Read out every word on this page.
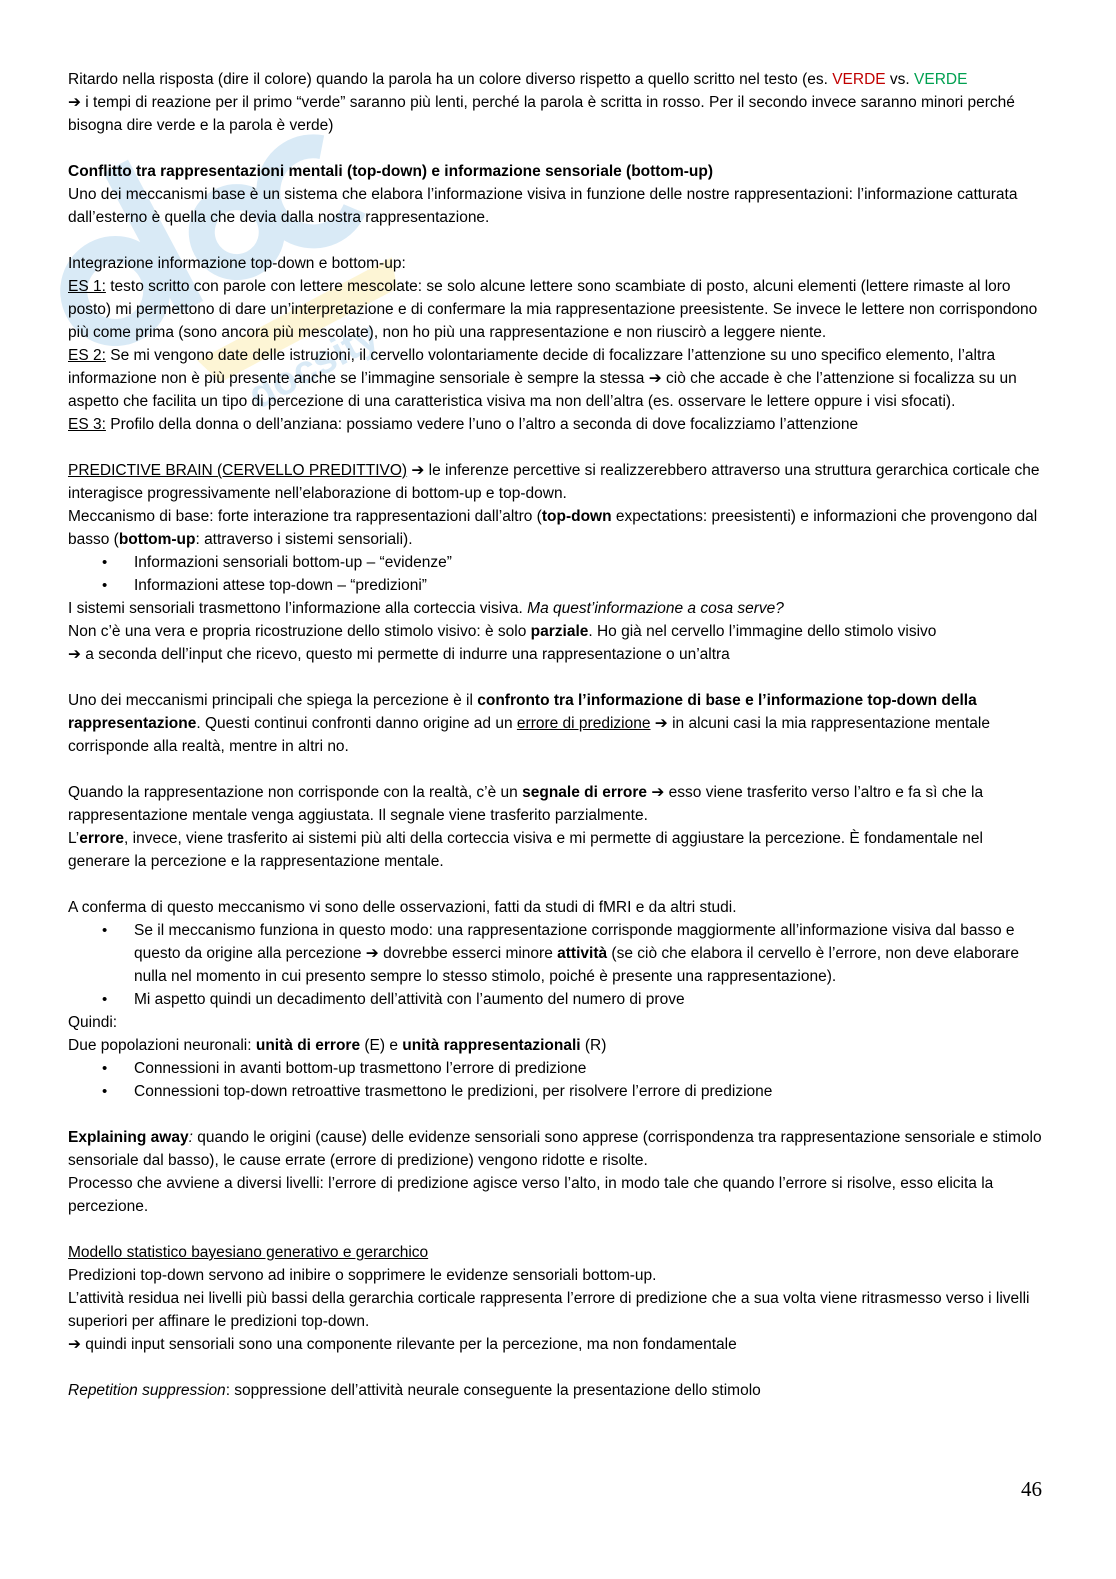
docsity

Ritardo nella risposta (dire il colore) quando la parola ha un colore diverso rispetto a quello scritto nel testo (es. VERDE vs. VERDE
➔ i tempi di reazione per il primo “verde” saranno più lenti, perché la parola è scritta in rosso. Per il secondo invece saranno minori perché bisogna dire verde e la parola è verde)

Conflitto tra rappresentazioni mentali (top-down) e informazione sensoriale (bottom-up)

Uno dei meccanismi base è un sistema che elabora l’informazione visiva in funzione delle nostre rappresentazioni: l’informazione catturata dall’esterno è quella che devia dalla nostra rappresentazione.

Integrazione informazione top-down e bottom-up:

ES 1: testo scritto con parole con lettere mescolate: se solo alcune lettere sono scambiate di posto, alcuni elementi (lettere rimaste al loro posto) mi permettono di dare un’interpretazione e di confermare la mia rappresentazione preesistente. Se invece le lettere non corrispondono più come prima (sono ancora più mescolate), non ho più una rappresentazione e non riuscirò a leggere niente.

ES 2: Se mi vengono date delle istruzioni, il cervello volontariamente decide di focalizzare l’attenzione su uno specifico elemento, l’altra informazione non è più presente anche se l’immagine sensoriale è sempre la stessa ➔ ciò che accade è che l’attenzione si focalizza su un aspetto che facilita un tipo di percezione di una caratteristica visiva ma non dell’altra (es. osservare le lettere oppure i visi sfocati).

ES 3: Profilo della donna o dell’anziana: possiamo vedere l’uno o l’altro a seconda di dove focalizziamo l’attenzione

PREDICTIVE BRAIN (CERVELLO PREDITTIVO) ➔ le inferenze percettive si realizzerebbero attraverso una struttura gerarchica corticale che interagisce progressivamente nell’elaborazione di bottom-up e top-down.

Meccanismo di base: forte interazione tra rappresentazioni dall’altro (top-down expectations: preesistenti) e informazioni che provengono dal basso (bottom-up: attraverso i sistemi sensoriali).

• Informazioni sensoriali bottom-up – “evidenze”
• Informazioni attese top-down – “predizioni”

I sistemi sensoriali trasmettono l’informazione alla corteccia visiva. Ma quest’informazione a cosa serve?

Non c’è una vera e propria ricostruzione dello stimolo visivo: è solo parziale. Ho già nel cervello l’immagine dello stimolo visivo
➔ a seconda dell’input che ricevo, questo mi permette di indurre una rappresentazione o un’altra

Uno dei meccanismi principali che spiega la percezione è il confronto tra l’informazione di base e l’informazione top-down della rappresentazione. Questi continui confronti danno origine ad un errore di predizione ➔ in alcuni casi la mia rappresentazione mentale corrisponde alla realtà, mentre in altri no.

Quando la rappresentazione non corrisponde con la realtà, c’è un segnale di errore ➔ esso viene trasferito verso l’altro e fa sì che la rappresentazione mentale venga aggiustata. Il segnale viene trasferito parzialmente.

L’errore, invece, viene trasferito ai sistemi più alti della corteccia visiva e mi permette di aggiustare la percezione. È fondamentale nel generare la percezione e la rappresentazione mentale.

A conferma di questo meccanismo vi sono delle osservazioni, fatti da studi di fMRI e da altri studi.

• Se il meccanismo funziona in questo modo: una rappresentazione corrisponde maggiormente all’informazione visiva dal basso e questo da origine alla percezione ➔ dovrebbe esserci minore attività (se ciò che elabora il cervello è l’errore, non deve elaborare nulla nel momento in cui presento sempre lo stesso stimolo, poiché è presente una rappresentazione).
• Mi aspetto quindi un decadimento dell’attività con l’aumento del numero di prove

Quindi:

Due popolazioni neuronali: unità di errore (E) e unità rappresentazionali (R)

• Connessioni in avanti bottom-up trasmettono l’errore di predizione
• Connessioni top-down retroattive trasmettono le predizioni, per risolvere l’errore di predizione

Explaining away: quando le origini (cause) delle evidenze sensoriali sono apprese (corrispondenza tra rappresentazione sensoriale e stimolo sensoriale dal basso), le cause errate (errore di predizione) vengono ridotte e risolte.

Processo che avviene a diversi livelli: l’errore di predizione agisce verso l’alto, in modo tale che quando l’errore si risolve, esso elicita la percezione.

Modello statistico bayesiano generativo e gerarchico

Predizioni top-down servono ad inibire o sopprimere le evidenze sensoriali bottom-up.

L’attività residua nei livelli più bassi della gerarchia corticale rappresenta l’errore di predizione che a sua volta viene ritrasmesso verso i livelli superiori per affinare le predizioni top-down.

➔ quindi input sensoriali sono una componente rilevante per la percezione, ma non fondamentale

Repetition suppression: soppressione dell’attività neurale conseguente la presentazione dello stimolo

46
